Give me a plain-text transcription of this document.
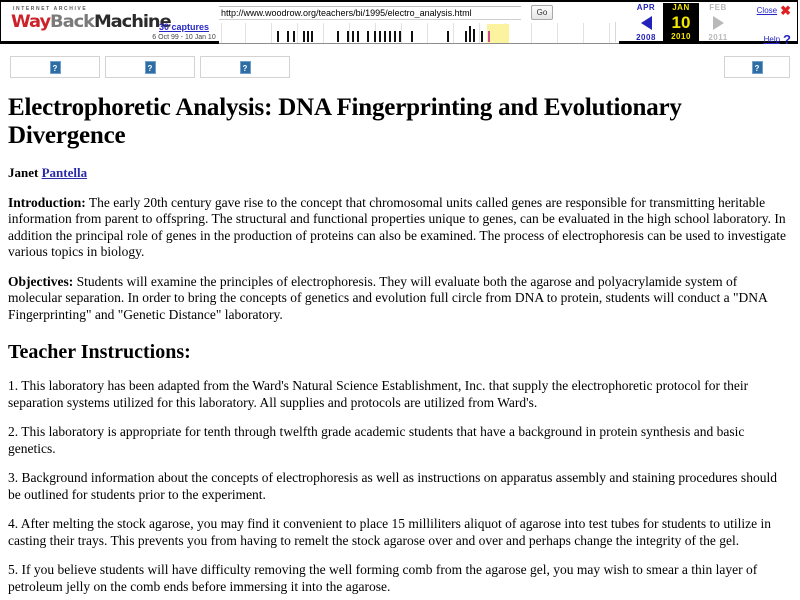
INTERNET ARCHIVE
WayBackMachine
30 captures
6 Oct 99 - 10 Jan 10
http://www.woodrow.org/teachers/bi/1995/electro_analysis.html
Go
APR
2008
JAN
10
2010
FEB
2011
Close ✖
Help ?
?	?	?	?
Electrophoretic Analysis: DNA Fingerprinting and Evolutionary Divergence
Janet Pantella

Introduction: The early 20th century gave rise to the concept that chromosomal units called genes are responsible for transmitting heritable information from parent to offspring. The structural and functional properties unique to genes, can be evaluated in the high school laboratory. In addition the principal role of genes in the production of proteins can also be examined. The process of electrophoresis can be used to investigate various topics in biology.

Objectives: Students will examine the principles of electrophoresis. They will evaluate both the agarose and polyacrylamide system of molecular separation. In order to bring the concepts of genetics and evolution full circle from DNA to protein, students will conduct a "DNA Fingerprinting" and "Genetic Distance" laboratory.

Teacher Instructions:

1. This laboratory has been adapted from the Ward's Natural Science Establishment, Inc. that supply the electrophoretic protocol for their separation systems utilized for this laboratory. All supplies and protocols are utilized from Ward's.

2. This laboratory is appropriate for tenth through twelfth grade academic students that have a background in protein synthesis and basic genetics.

3. Background information about the concepts of electrophoresis as well as instructions on apparatus assembly and staining procedures should be outlined for students prior to the experiment.

4. After melting the stock agarose, you may find it convenient to place 15 milliliters aliquot of agarose into test tubes for students to utilize in casting their trays. This prevents you from having to remelt the stock agarose over and over and perhaps change the integrity of the gel.

5. If you believe students will have difficulty removing the well forming comb from the agarose gel, you may wish to smear a thin layer of petroleum jelly on the comb ends before immersing it into the agarose.
